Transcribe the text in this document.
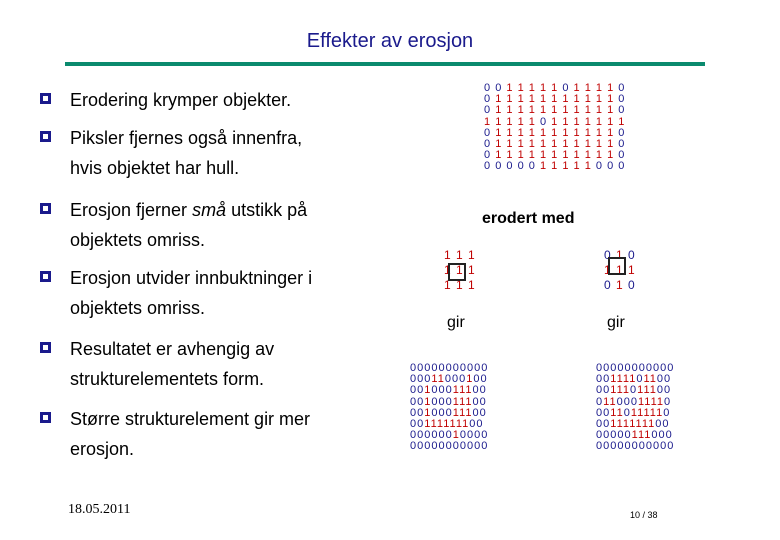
Effekter av erosjon
Erodering krymper objekter.
Piksler fjernes også innenfra,
hvis objektet har hull.
Erosjon fjerner små utstikk på
objektets omriss.
Erosjon utvider innbuktninger i
objektets omriss.
Resultatet er avhengig av
strukturelementets form.
Større strukturelement gir mer
erosjon.
0 0 1 1 1 1 1 0 1 1 1 1 0
0 1 1 1 1 1 1 1 1 1 1 1 0
0 1 1 1 1 1 1 1 1 1 1 1 0
1 1 1 1 1 0 1 1 1 1 1 1 1
0 1 1 1 1 1 1 1 1 1 1 1 0
0 1 1 1 1 1 1 1 1 1 1 1 0
0 1 1 1 1 1 1 1 1 1 1 1 0
0 0 0 0 0 1 1 1 1 1 0 0 0
erodert med
1 1 1
1 1 1
1 1 1
0 1 0
1 1 1
0 1 0
gir	gir
00000000000
00011000100
00100011100
00100011100
00100011100
00111111100
00000010000
00000000000
00000000000
00111101100
00111011100
01100011110
00110111110
00111111100
00000111000
00000000000
18.05.2011	10 / 38
